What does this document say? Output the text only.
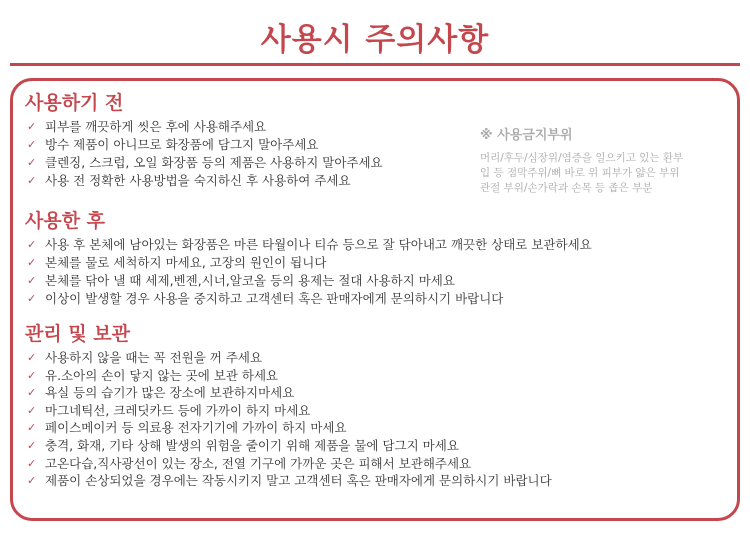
사용시 주의사항
사용하기 전
✓ 피부를 깨끗하게 씻은 후에 사용해주세요
✓ 방수 제품이 아니므로 화장품에 담그지 말아주세요
✓ 클렌징, 스크럽, 오일 화장품 등의 제품은 사용하지 말아주세요
✓ 사용 전 정확한 사용방법을 숙지하신 후 사용하여 주세요
※ 사용금지부위
머리/후두/심장위/염증을 일으키고 있는 환부
입 등 점막주위/뼈 바로 위 피부가 얇은 부위
관절 부위/손가락과 손목 등 좁은 부분
사용한 후
✓ 사용 후 본체에 남아있는 화장품은 마른 타월이나 티슈 등으로 잘 닦아내고 깨끗한 상태로 보관하세요
✓ 본체를 물로 세척하지 마세요, 고장의 원인이 됩니다
✓ 본체를 닦아 낼 때 세제,벤젠,시너,알코올 등의 용제는 절대 사용하지 마세요
✓ 이상이 발생할 경우 사용을 중지하고 고객센터 혹은 판매자에게 문의하시기 바랍니다
관리 및 보관
✓ 사용하지 않을 때는 꼭 전원을 꺼 주세요
✓ 유.소아의 손이 닿지 않는 곳에 보관 하세요
✓ 욕실 등의 습기가 많은 장소에 보관하지마세요
✓ 마그네틱선, 크레딧카드 등에 가까이 하지 마세요
✓ 페이스메이커 등 의료용 전자기기에 가까이 하지 마세요
✓ 충격, 화재, 기타 상해 발생의 위험을 줄이기 위해 제품을 물에 담그지 마세요
✓ 고온다습,직사광선이 있는 장소, 전열 기구에 가까운 곳은 피해서 보관해주세요
✓ 제품이 손상되었을 경우에는 작동시키지 말고 고객센터 혹은 판매자에게 문의하시기 바랍니다
